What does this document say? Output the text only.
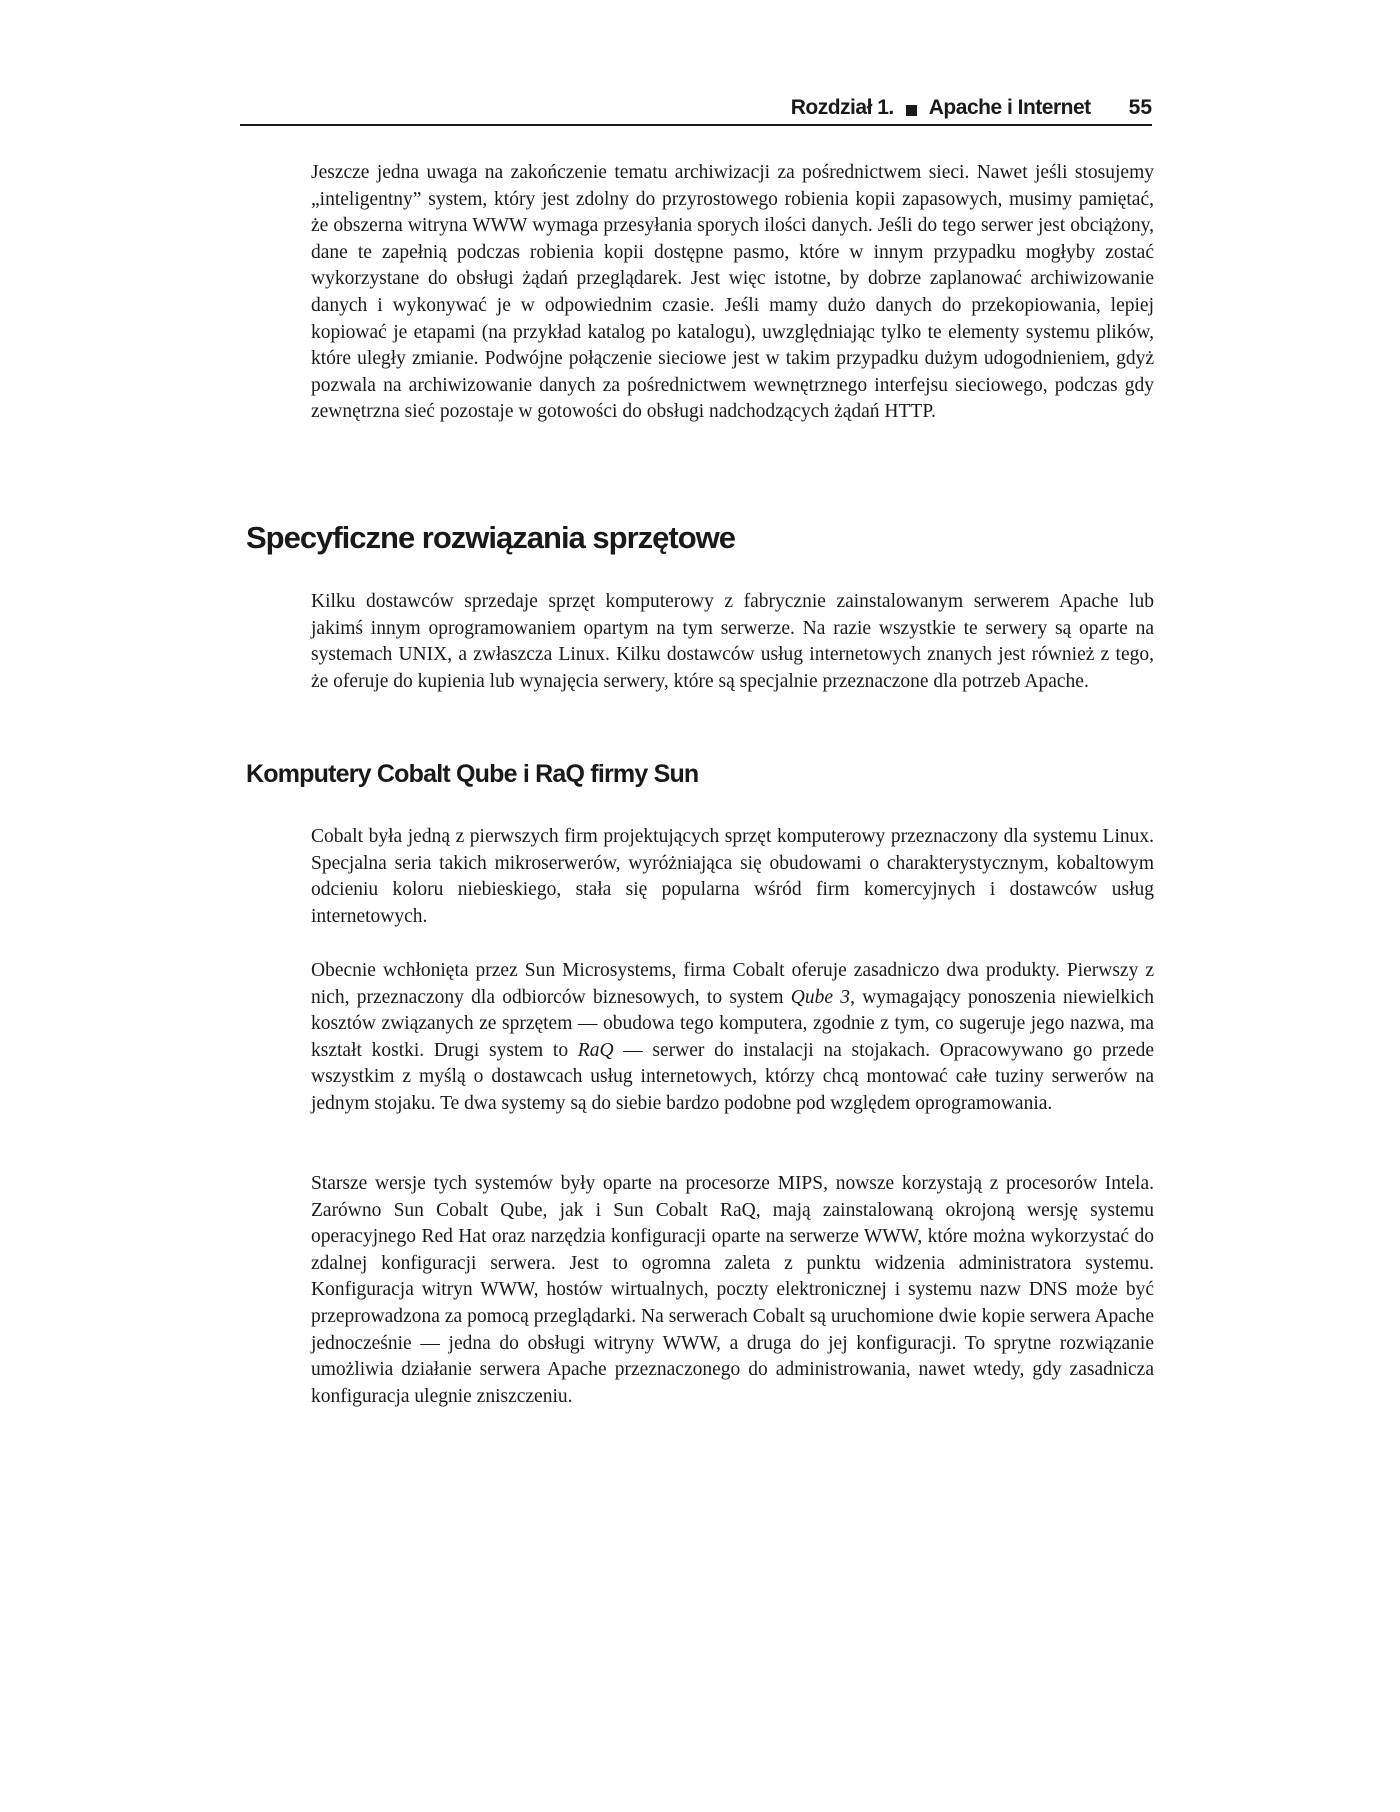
Rozdział 1. Apache i Internet 55

Jeszcze jedna uwaga na zakończenie tematu archiwizacji za pośrednictwem sieci. Nawet jeśli stosujemy „inteligentny” system, który jest zdolny do przyrostowego robienia kopii zapasowych, musimy pamiętać, że obszerna witryna WWW wymaga przesyłania sporych ilości danych. Jeśli do tego serwer jest obciążony, dane te zapełnią podczas robienia kopii dostępne pasmo, które w innym przypadku mogłyby zostać wykorzystane do obsługi żądań przeglądarek. Jest więc istotne, by dobrze zaplanować archiwizowanie danych i wykonywać je w odpowiednim czasie. Jeśli mamy dużo danych do przekopiowania, lepiej kopiować je etapami (na przykład katalog po katalogu), uwzględniając tylko te elementy systemu plików, które uległy zmianie. Podwójne połączenie sieciowe jest w takim przypadku dużym udogodnieniem, gdyż pozwala na archiwizowanie danych za pośrednictwem wewnętrznego interfejsu sieciowego, podczas gdy zewnętrzna sieć pozostaje w gotowości do obsługi nadchodzących żądań HTTP.

Specyficzne rozwiązania sprzętowe

Kilku dostawców sprzedaje sprzęt komputerowy z fabrycznie zainstalowanym serwerem Apache lub jakimś innym oprogramowaniem opartym na tym serwerze. Na razie wszystkie te serwery są oparte na systemach UNIX, a zwłaszcza Linux. Kilku dostawców usług internetowych znanych jest również z tego, że oferuje do kupienia lub wynajęcia serwery, które są specjalnie przeznaczone dla potrzeb Apache.

Komputery Cobalt Qube i RaQ firmy Sun

Cobalt była jedną z pierwszych firm projektujących sprzęt komputerowy przeznaczony dla systemu Linux. Specjalna seria takich mikroserwerów, wyróżniająca się obudowami o charakterystycznym, kobaltowym odcieniu koloru niebieskiego, stała się popularna wśród firm komercyjnych i dostawców usług internetowych.

Obecnie wchłonięta przez Sun Microsystems, firma Cobalt oferuje zasadniczo dwa produkty. Pierwszy z nich, przeznaczony dla odbiorców biznesowych, to system Qube 3, wymagający ponoszenia niewielkich kosztów związanych ze sprzętem — obudowa tego komputera, zgodnie z tym, co sugeruje jego nazwa, ma kształt kostki. Drugi system to RaQ — serwer do instalacji na stojakach. Opracowywano go przede wszystkim z myślą o dostawcach usług internetowych, którzy chcą montować całe tuziny serwerów na jednym stojaku. Te dwa systemy są do siebie bardzo podobne pod względem oprogramowania.

Starsze wersje tych systemów były oparte na procesorze MIPS, nowsze korzystają z procesorów Intela. Zarówno Sun Cobalt Qube, jak i Sun Cobalt RaQ, mają zainstalowaną okrojoną wersję systemu operacyjnego Red Hat oraz narzędzia konfiguracji oparte na serwerze WWW, które można wykorzystać do zdalnej konfiguracji serwera. Jest to ogromna zaleta z punktu widzenia administratora systemu. Konfiguracja witryn WWW, hostów wirtualnych, poczty elektronicznej i systemu nazw DNS może być przeprowadzona za pomocą przeglądarki. Na serwerach Cobalt są uruchomione dwie kopie serwera Apache jednocześnie — jedna do obsługi witryny WWW, a druga do jej konfiguracji. To sprytne rozwiązanie umożliwia działanie serwera Apache przeznaczonego do administrowania, nawet wtedy, gdy zasadnicza konfiguracja ulegnie zniszczeniu.
